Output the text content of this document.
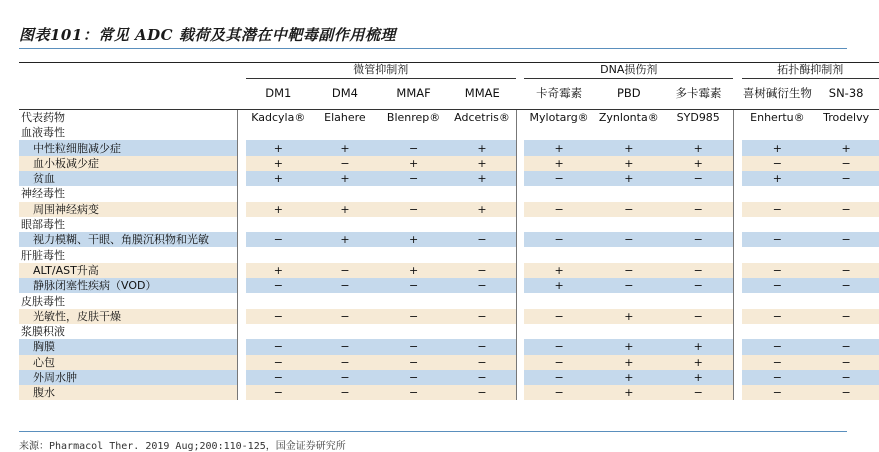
图表101：常见 ADC 载荷及其潜在中靶毒副作用梳理
		微管抑制剂					DNA损伤剂				拓扑酶抑制剂	
		DM1	DM4	MMAF	MMAE		卡奇霉素	PBD	多卡霉素		喜树碱衍生物	SN-38
代表药物		Kadcyla®	Elahere	Blenrep®	Adcetris®		Mylotarg®	Zynlonta®	SYD985		Enhertu®	Trodelvy
血液毒性												
中性粒细胞减少症		+	+	−	+		+	+	+		+	+
血小板减少症		+	−	+	+		+	+	+		−	−
贫血		+	+	−	+		−	+	−		+	−
神经毒性												
周围神经病变		+	+	−	+		−	−	−		−	−
眼部毒性												
视力模糊、干眼、角膜沉积物和光敏		−	+	+	−		−	−	−		−	−
肝脏毒性												
ALT/AST升高		+	−	+	−		+	−	−		−	−
静脉闭塞性疾病（VOD）		−	−	−	−		+	−	−		−	−
皮肤毒性												
光敏性，皮肤干燥		−	−	−	−		−	+	−		−	−
浆膜积液												
胸膜		−	−	−	−		−	+	+		−	−
心包		−	−	−	−		−	+	+		−	−
外周水肿		−	−	−	−		−	+	+		−	−
腹水		−	−	−	−		−	+	−		−	−
来源：Pharmacol Ther. 2019 Aug;200:110-125，国金证券研究所
